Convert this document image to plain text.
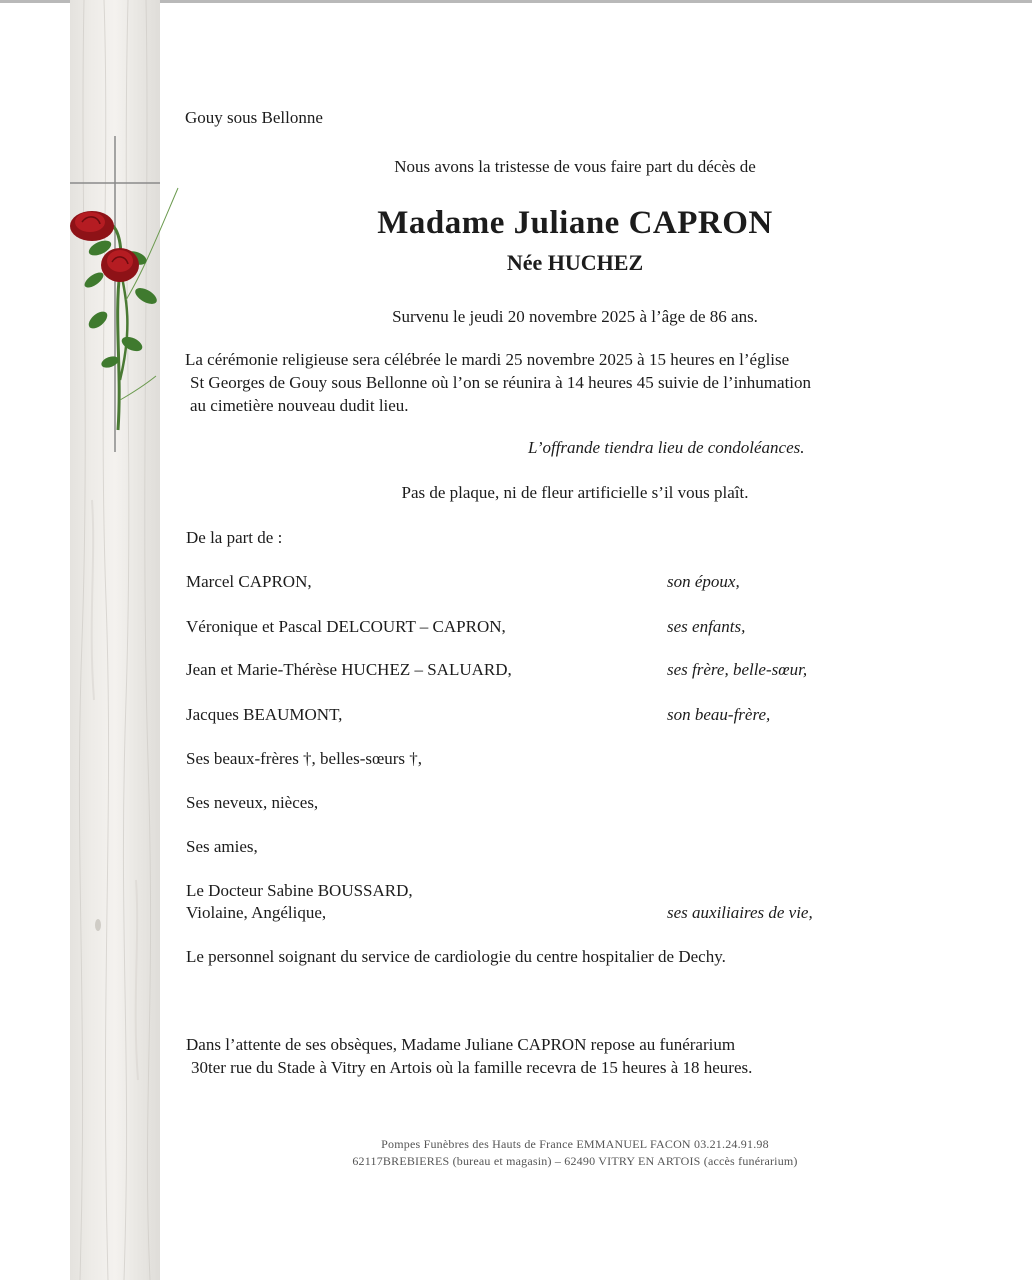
Gouy sous Bellonne
Nous avons la tristesse de vous faire part du décès de
Madame Juliane CAPRON
Née HUCHEZ
Survenu le jeudi 20 novembre 2025 à l’âge de 86 ans.
La cérémonie religieuse sera célébrée le mardi 25 novembre 2025 à 15 heures en l’église
St Georges de Gouy sous Bellonne où l’on se réunira à 14 heures 45 suivie de l’inhumation
au cimetière nouveau dudit lieu.
L’offrande tiendra lieu de condoléances.
Pas de plaque, ni de fleur artificielle s’il vous plaît.
De la part de :
Marcel CAPRON,	son époux,
Véronique et Pascal DELCOURT – CAPRON,	ses enfants,
Jean et Marie-Thérèse HUCHEZ – SALUARD,	ses frère, belle-sœur,
Jacques BEAUMONT,	son beau-frère,
Ses beaux-frères †, belles-sœurs †,
Ses neveux, nièces,
Ses amies,
Le Docteur Sabine BOUSSARD,
Violaine, Angélique,	ses auxiliaires de vie,
Le personnel soignant du service de cardiologie du centre hospitalier de Dechy.
Dans l’attente de ses obsèques, Madame Juliane CAPRON repose au funérarium
30ter rue du Stade à Vitry en Artois où la famille recevra de 15 heures à 18 heures.
Pompes Funèbres des Hauts de France EMMANUEL FACON 03.21.24.91.98
62117BREBIERES (bureau et magasin) – 62490 VITRY EN ARTOIS (accès funérarium)
